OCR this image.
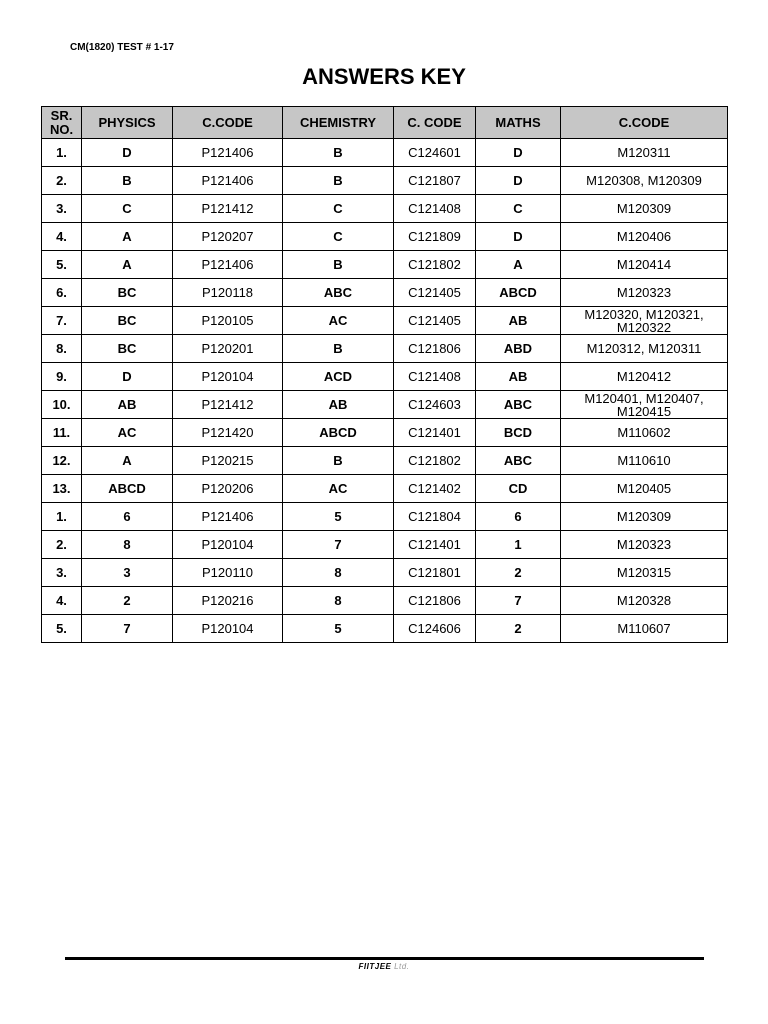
CM(1820) TEST # 1-17
ANSWERS KEY
SR. NO.	PHYSICS	C.CODE	CHEMISTRY	C. CODE	MATHS	C.CODE
1.	D	P121406	B	C124601	D	M120311
2.	B	P121406	B	C121807	D	M120308, M120309
3.	C	P121412	C	C121408	C	M120309
4.	A	P120207	C	C121809	D	M120406
5.	A	P121406	B	C121802	A	M120414
6.	BC	P120118	ABC	C121405	ABCD	M120323
7.	BC	P120105	AC	C121405	AB	M120320, M120321, M120322
8.	BC	P120201	B	C121806	ABD	M120312, M120311
9.	D	P120104	ACD	C121408	AB	M120412
10.	AB	P121412	AB	C124603	ABC	M120401, M120407, M120415
11.	AC	P121420	ABCD	C121401	BCD	M110602
12.	A	P120215	B	C121802	ABC	M110610
13.	ABCD	P120206	AC	C121402	CD	M120405
1.	6	P121406	5	C121804	6	M120309
2.	8	P120104	7	C121401	1	M120323
3.	3	P120110	8	C121801	2	M120315
4.	2	P120216	8	C121806	7	M120328
5.	7	P120104	5	C124606	2	M110607
FIITJEE Ltd.
